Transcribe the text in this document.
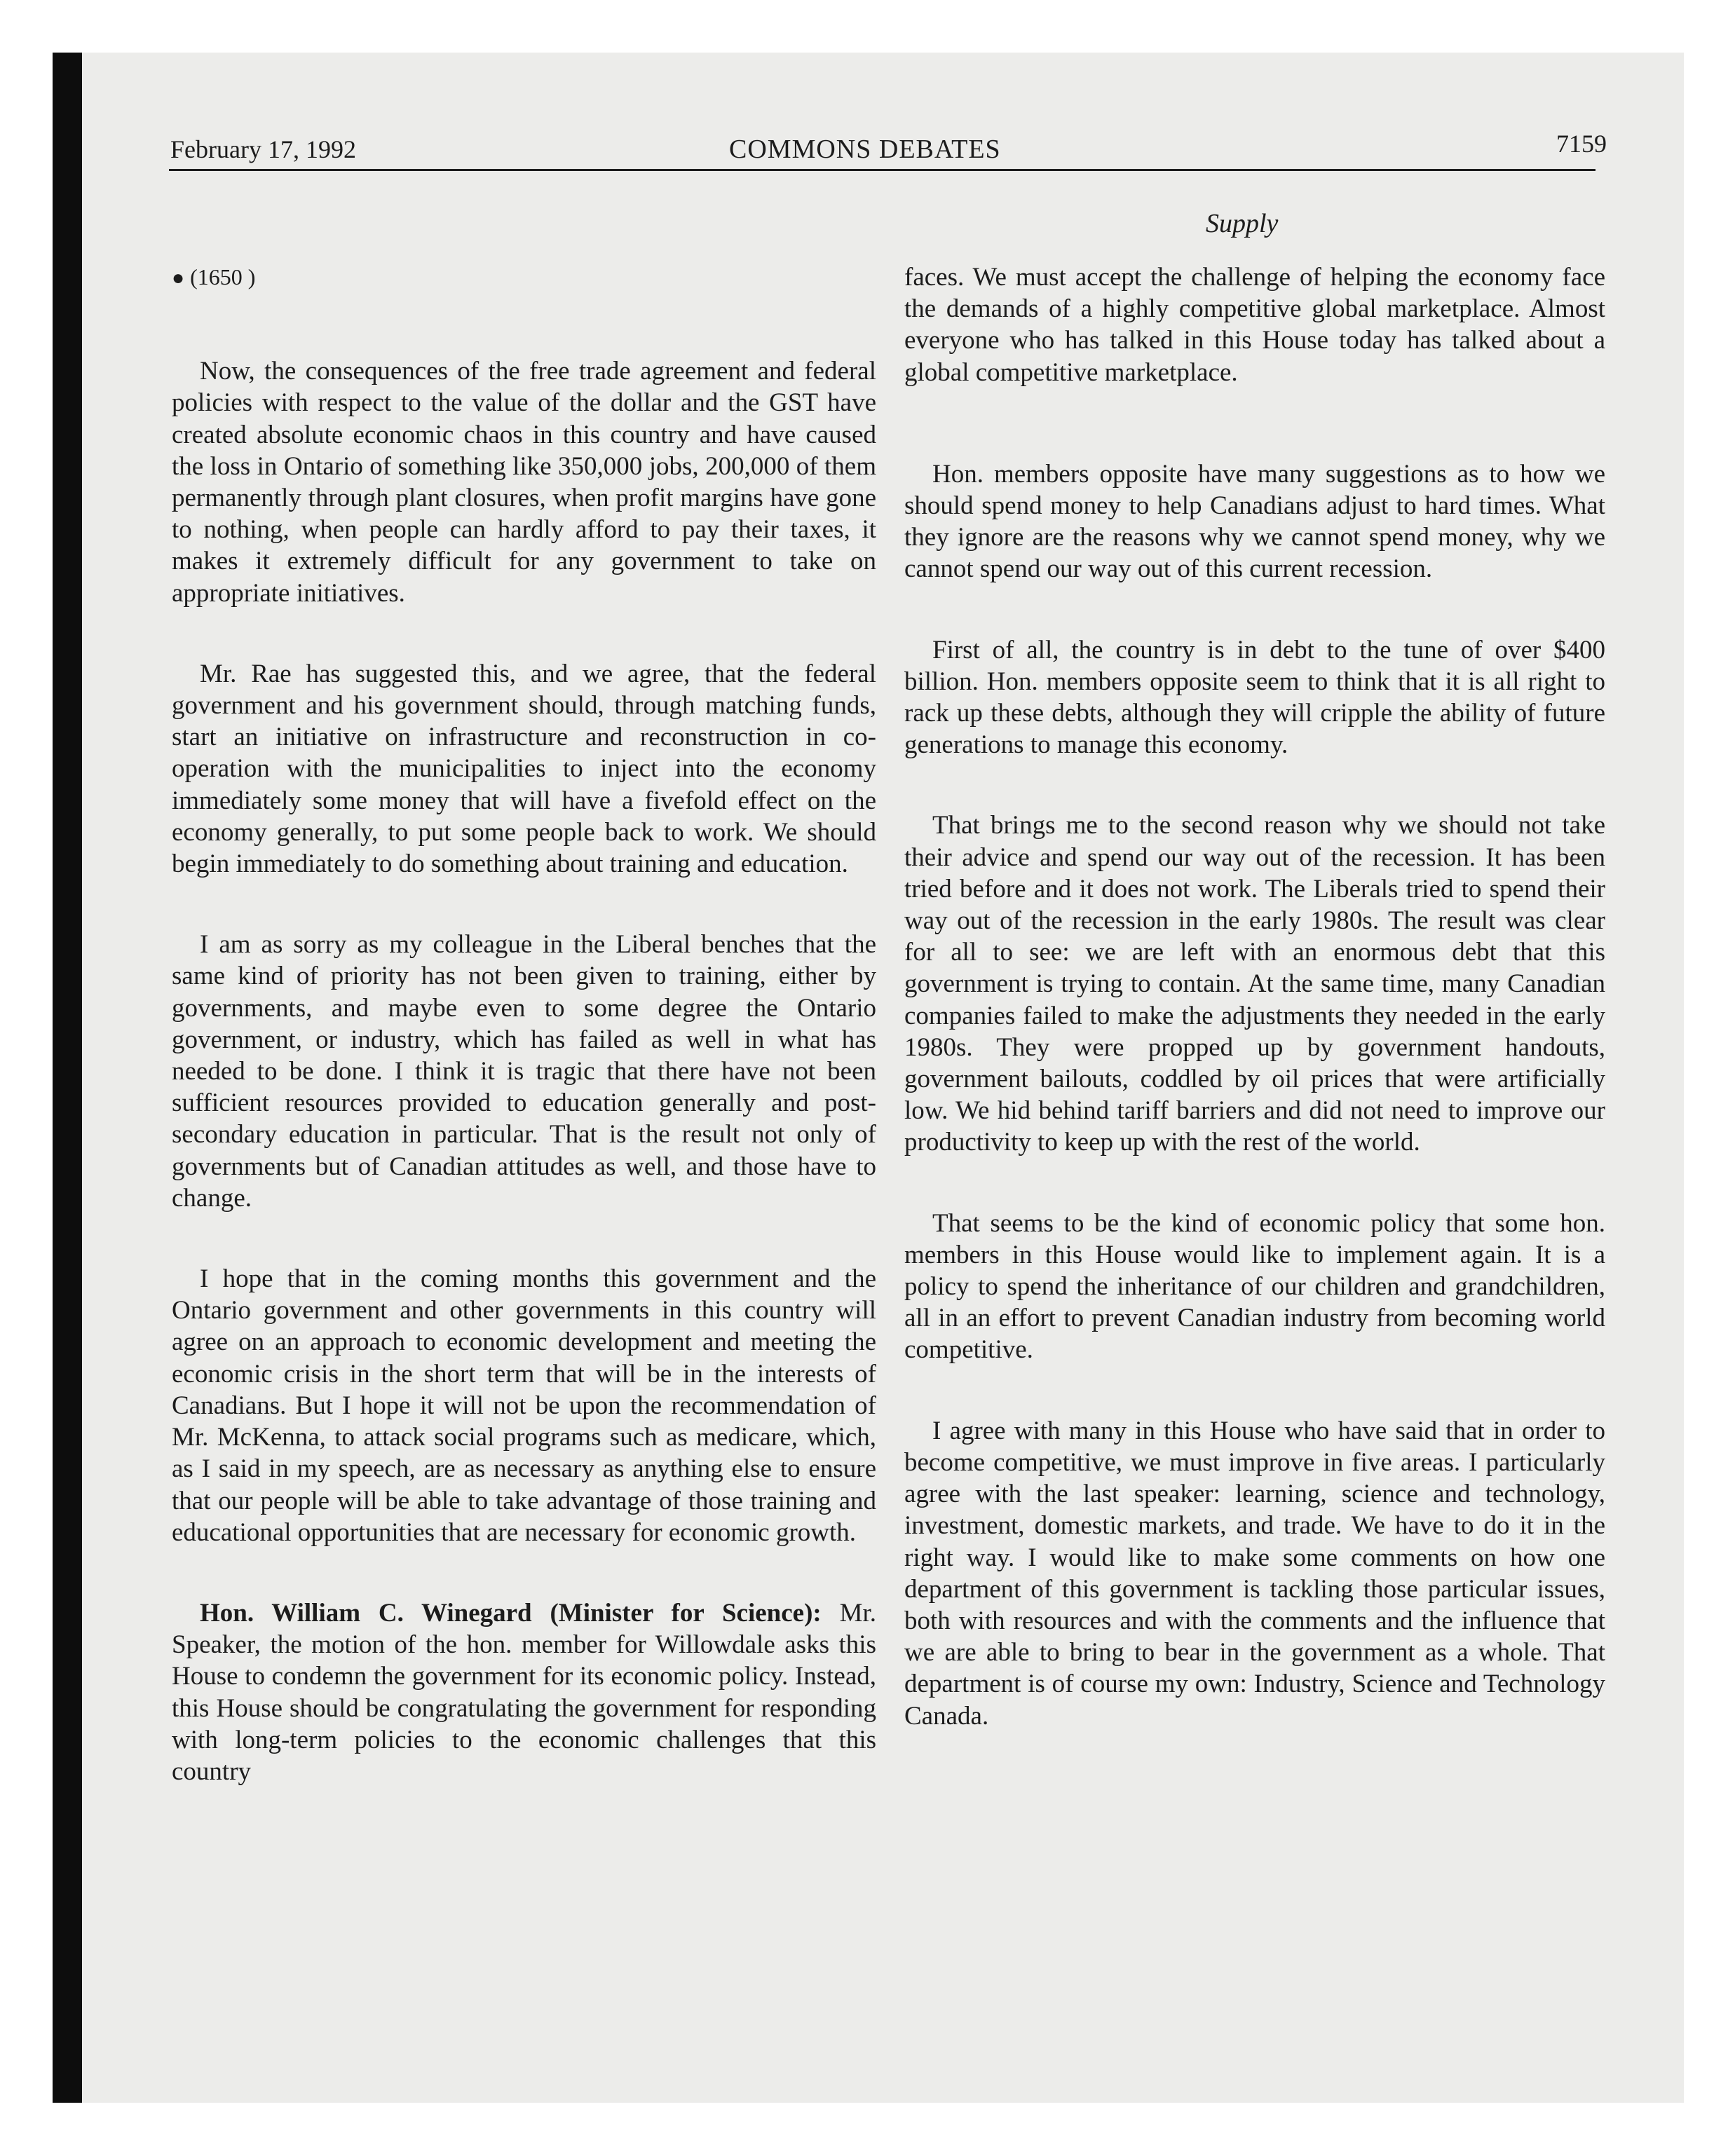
February 17, 1992	COMMONS DEBATES	7159
Supply
● (1650 )

Now, the consequences of the free trade agreement and federal policies with respect to the value of the dollar and the GST have created absolute economic chaos in this country and have caused the loss in Ontario of something like 350,000 jobs, 200,000 of them permanently through plant closures, when profit margins have gone to nothing, when people can hardly afford to pay their taxes, it makes it extremely difficult for any government to take on appropriate initiatives.

Mr. Rae has suggested this, and we agree, that the federal government and his government should, through matching funds, start an initiative on infrastructure and reconstruction in co-operation with the municipalities to inject into the economy immediately some money that will have a fivefold effect on the economy generally, to put some people back to work. We should begin immediately to do something about training and education.

I am as sorry as my colleague in the Liberal benches that the same kind of priority has not been given to training, either by governments, and maybe even to some degree the Ontario government, or industry, which has failed as well in what has needed to be done. I think it is tragic that there have not been sufficient resources provided to education generally and post-secondary education in particular. That is the result not only of governments but of Canadian attitudes as well, and those have to change.

I hope that in the coming months this government and the Ontario government and other governments in this country will agree on an approach to economic development and meeting the economic crisis in the short term that will be in the interests of Canadians. But I hope it will not be upon the recommendation of Mr. McKenna, to attack social programs such as medicare, which, as I said in my speech, are as necessary as anything else to ensure that our people will be able to take advantage of those training and educational opportunities that are necessary for economic growth.

Hon. William C. Winegard (Minister for Science): Mr. Speaker, the motion of the hon. member for Willowdale asks this House to condemn the government for its economic policy. Instead, this House should be congratulating the government for responding with long-term policies to the economic challenges that this country

faces. We must accept the challenge of helping the economy face the demands of a highly competitive global marketplace. Almost everyone who has talked in this House today has talked about a global competitive marketplace.

Hon. members opposite have many suggestions as to how we should spend money to help Canadians adjust to hard times. What they ignore are the reasons why we cannot spend money, why we cannot spend our way out of this current recession.

First of all, the country is in debt to the tune of over $400 billion. Hon. members opposite seem to think that it is all right to rack up these debts, although they will cripple the ability of future generations to manage this economy.

That brings me to the second reason why we should not take their advice and spend our way out of the recession. It has been tried before and it does not work. The Liberals tried to spend their way out of the recession in the early 1980s. The result was clear for all to see: we are left with an enormous debt that this government is trying to contain. At the same time, many Canadian companies failed to make the adjustments they needed in the early 1980s. They were propped up by government handouts, government bailouts, coddled by oil prices that were artificially low. We hid behind tariff barriers and did not need to improve our productivity to keep up with the rest of the world.

That seems to be the kind of economic policy that some hon. members in this House would like to implement again. It is a policy to spend the inheritance of our children and grandchildren, all in an effort to prevent Canadian industry from becoming world competitive.

I agree with many in this House who have said that in order to become competitive, we must improve in five areas. I particularly agree with the last speaker: learning, science and technology, investment, domestic markets, and trade. We have to do it in the right way. I would like to make some comments on how one department of this government is tackling those particular issues, both with resources and with the comments and the influence that we are able to bring to bear in the government as a whole. That department is of course my own: Industry, Science and Technology Canada.
